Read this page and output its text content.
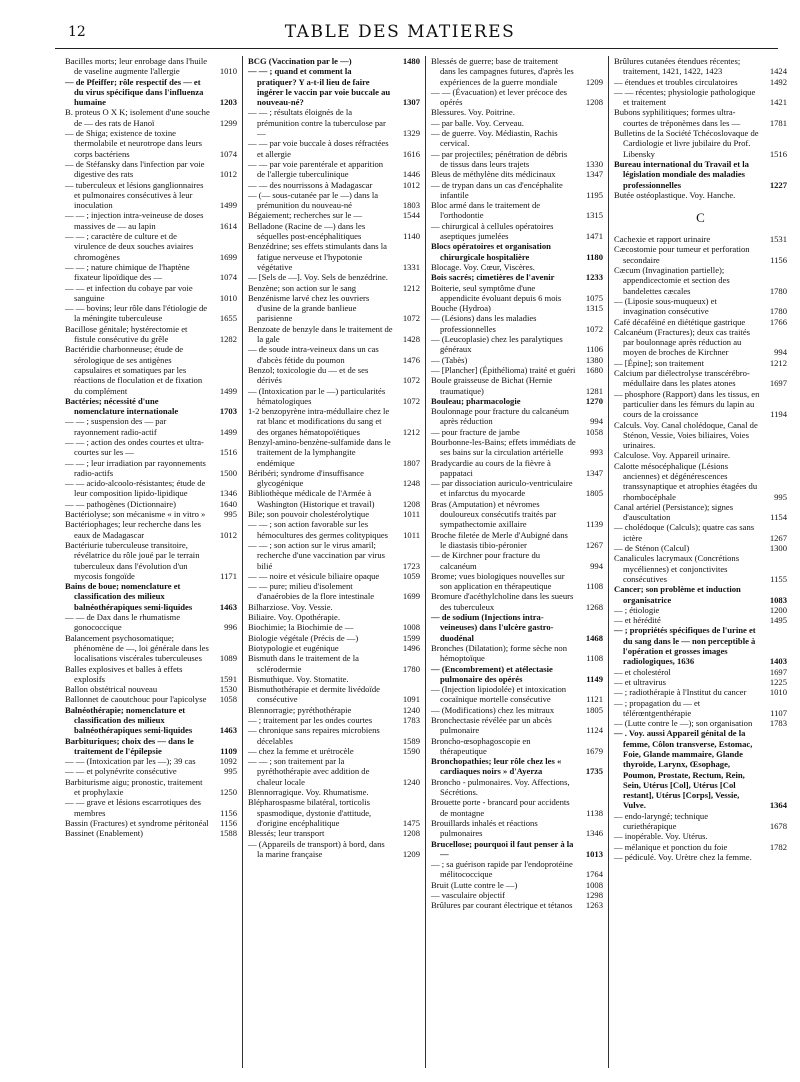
12	TABLE DES MATIERES
Bacilles morts; leur enrobage dans l'huile de vaseline augmente l'allergie	1010
— de Pfeiffer; rôle respectif des — et du virus spécifique dans l'influenza humaine	1203
B. proteus O X K; isolement d'une souche de — des rats de Hanoï	1299
— de Shiga; existence de toxine thermolabile et neurotrope dans leurs corps bactériens	1074
— de Stéfansky dans l'infection par voie digestive des rats	1012
— tuberculeux et lésions ganglionnaires et pulmonaires consécutives à leur inoculation	1499
— — ; injection intra-veineuse de doses massives de — au lapin	1614
— — ; caractère de culture et de virulence de deux souches aviaires chromogènes	1699
— — ; nature chimique de l'haptène fixateur lipoïdique des —	1074
— — et infection du cobaye par voie sanguine	1010
— — bovins; leur rôle dans l'étiologie de la méningite tuberculeuse	1655
Bacillose génitale; hystérectomie et fistule consécutive du grêle	1282
Bactéridie charbonneuse; étude de sérologique de ses antigènes capsulaires et somatiques par les réactions de floculation et de fixation du complément	1499
Bactéries; nécessité d'une nomenclature internationale	1703
— — ; suspension des — par rayonnement radio-actif	1499
— — ; action des ondes courtes et ultra-courtes sur les —	1516
— — ; leur irradiation par rayonnements radio-actifs	1500
— — acido-alcoolo-résistantes; étude de leur composition lipido-lipidique	1346
— — pathogènes (Dictionnaire)	1640
Bactériolyse; son mécanisme « in vitro » 995
Bactériophages; leur recherche dans les eaux de Madagascar	1012
Bactériurie tuberculeuse transitoire, révélatrice du rôle joué par le terrain tuberculeux dans l'évolution d'un mycosis fongoïde	1171
Bains de boue; nomenclature et classification des milieux balnéothérapiques semi-liquides	1463
— — de Dax dans le rhumatisme gonococcique	996
Balancement psychosomatique; phénomène de —, loi générale dans les localisations viscérales tuberculeuses 1089
Balles explosives et balles à effets explosifs	1591
Ballon obstétrical nouveau	1530
Ballonnet de caoutchouc pour l'apicolyse 1058
Balnéothérapie; nomenclature et classification des milieux balnéothérapiques semi-liquides	1463
Barbituriques; choix des — dans le traitement de l'épilepsie	1109
— — (Intoxication par les —); 39 cas	1092
— — et polynévrite consécutive	995
Barbiturisme aigu; pronostic, traitement et prophylaxie	1250
— — grave et lésions escarrotiques des membres	1156
Bassin (Fractures) et syndrome péritonéal 1156
Bassinet (Enablement)	1588
BCG (Vaccination par le —)	1480
— — ; quand et comment la pratiquer? Y a-t-il lieu de faire ingérer le vaccin par voie buccale au nouveau-né?	1307
— — ; résultats éloignés de la prémunition contre la tuberculose par —	1329
— — par voie buccale à doses réfractées et allergie	1616
— — par voie parentérale et apparition de l'allergie tuberculinique	1446
— — des nourrissons à Madagascar	1012
— (— sous-cutanée par le —) dans la prémunition du nouveau-né	1803
Bégaiement; recherches sur le —	1544
Belladone (Racine de —) dans les séquelles post-encéphalitiques	1140
Benzédrine; ses effets stimulants dans la fatigue nerveuse et l'hypotonie végétative	1331
— [Sels de —]. Voy. Sels de benzédrine.
Benzène; son action sur le sang	1212
Benzénisme larvé chez les ouvriers d'usine de la grande banlieue parisienne	1072
Benzoate de benzyle dans le traitement de la gale	1428
— de soude intra-veineux dans un cas d'abcès fétide du poumon	1476
Benzol; toxicologie du — et de ses dérivés	1072
— (Intoxication par le —) particularités hématologiques	1072
1-2 benzopyrène intra-médullaire chez le rat blanc et modifications du sang et des organes hématopoïétiques	1212
Benzyl-amino-benzène-sulfamide dans le traitement de la lymphangite endémique	1807
Béribéri; syndrome d'insuffisance glycogénique	1248
Bibliothèque médicale de l'Armée à Washington (Historique et travail)	1208
Bile; son pouvoir cholestérolytique	1011
— — ; son action favorable sur les hémocultures des germes colitypiques 1011
— — ; son action sur le virus amaril; recherche d'une vaccination par virus bilié	1723
— — noire et vésicule biliaire opaque	1059
— — pure; milieu d'isolement d'anaérobies de la flore intestinale	1699
Bilharziose. Voy. Vessie.
Biliaire. Voy. Opothérapie.
Biochimie; la Biochimie de —	1008
Biologie végétale (Précis de —)	1599
Biotypologie et eugénique	1496
Bismuth dans le traitement de la sclérodermie	1780
Bismuthique. Voy. Stomatite.
Bismuthothérapie et dermite livédoïde consécutive	1091
Blennorragie; pyréthothérapie	1240
— ; traitement par les ondes courtes	1783
— chronique sans repaires microbiens décelables	1589
— chez la femme et urétrocèle	1590
— — ; son traitement par la pyréthothérapie avec addition de chaleur locale	1240
Blennorragique. Voy. Rhumatisme.
Blépharospasme bilatéral, torticolis spasmodique, dystonie d'attitude, d'origine encéphalitique	1475
Blessés; leur transport	1208
— (Appareils de transport) à bord, dans la marine française	1209
Blessés de guerre; base de traitement dans les campagnes futures, d'après les expériences de la guerre mondiale	1209
— — (Évacuation) et lever précoce des opérés	1208
Blessures. Voy. Poitrine.
— par balle. Voy. Cerveau.
— de guerre. Voy. Médiastin, Rachis cervical.
— par projectiles; pénétration de débris de tissus dans leurs trajets	1330
Bleus de méthylène dits médicinaux	1347
— de trypan dans un cas d'encéphalite infantile	1195
Bloc armé dans le traitement de l'orthodontie	1315
— chirurgical à cellules opératoires aseptiques jumelées	1471
Blocs opératoires et organisation chirurgicale hospitalière	1180
Blocage. Voy. Cœur, Viscères.
Bois sacrés; cimetières de l'avenir	1233
Boiterie, seul symptôme d'une appendicite évoluant depuis 6 mois	1075
Bouche (Hydroa)	1315
— (Lésions) dans les maladies professionnelles	1072
— (Leucoplasie) chez les paralytiques généraux	1106
— (Tabès)	1380
— [Plancher] (Épithélioma) traité et guéri 1680
Boule graisseuse de Bichat (Hernie traumatique)	1281
Bouleau; pharmacologie	1270
Boulonnage pour fracture du calcanéum après réduction	994
— pour fracture de jambe	1058
Bourbonne-les-Bains; effets immédiats de ses bains sur la circulation artérielle	993
Bradycardie au cours de la fièvre à pappataci	1347
— par dissociation auriculo-ventriculaire et infarctus du myocarde	1805
Bras (Amputation) et névromes douloureux consécutifs traités par sympathectomie axillaire	1139
Broche filetée de Merle d'Aubigné dans le diastasis tibio-péronier	1267
— de Kirchner pour fracture du calcanéum	994
Brome; vues biologiques nouvelles sur son application en thérapeutique	1108
Bromure d'acéthylcholine dans les sueurs des tuberculeux	1268
— de sodium (Injections intra-veineuses) dans l'ulcère gastro-duodénal	1468
Bronches (Dilatation); forme sèche non hémoptoïque	1108
— (Encombrement) et atélectasie pulmonaire des opérés	1149
— (Injection lipiodolée) et intoxication cocaïnique mortelle consécutive	1121
— (Modifications) chez les mitraux	1805
Bronchectasie révélée par un abcès pulmonaire	1124
Broncho-œsophagoscopie en thérapeutique	1679
Bronchopathies; leur rôle chez les « cardiaques noirs » d'Ayerza	1735
Broncho - pulmonaires. Voy. Affections, Sécrétions.
Brouette porte - brancard pour accidents de montagne	1138
Brouillards inhalés et réactions pulmonaires	1346
Brucellose; pourquoi il faut penser à la —	1013
— ; sa guérison rapide par l'endoprotéine mélitococcique	1764
Bruit (Lutte contre le —)	1008
— vasculaire objectif	1298
Brûlures par courant électrique et tétanos 1263
Brûlures cutanées étendues récentes; traitement, 1421, 1422, 1423	1424
— étendues et troubles circulatoires	1492
— — récentes; physiologie pathologique et traitement	1421
Bubons syphilitiques; formes ultra-courtes de tréponèmes dans les —	1781
Bulletins de la Société Tchécoslovaque de Cardiologie et livre jubilaire du Prof. Libensky	1516
Bureau international du Travail et la législation mondiale des maladies professionnelles	1227
Butée ostéoplastique. Voy. Hanche.
C
Cachexie et rapport urinaire	1531
Cæcostomie pour tumeur et perforation secondaire	1156
Cæcum (Invagination partielle); appendicectomie et section des bandelettes cæcales	1780
— (Liposie sous-muqueux) et invagination consécutive	1780
Café décaféiné en diététique gastrique	1766
Calcanéum (Fractures); deux cas traités par boulonnage après réduction au moyen de broches de Kirchner	994
— [Épine]; son traitement	1212
Calcium par diélectrolyse transcérébro-médullaire dans les plates atones	1697
— phosphore (Rapport) dans les tissus, en particulier dans les fémurs du lapin au cours de la croissance	1194
Calculs. Voy. Canal cholédoque, Canal de Sténon, Vessie, Voies biliaires, Voies urinaires.
Calculose. Voy. Appareil urinaire.
Calotte mésocéphalique (Lésions anciennes) et dégénérescences transsynaptique et atrophies étagées du rhombocéphale	995
Canal artériel (Persistance); signes d'auscultation	1154
— cholédoque (Calculs); quatre cas sans ictère	1267
— de Sténon (Calcul)	1300
Canalicules lacrymaux (Concrétions mycéliennes) et conjonctivites consécutives	1155
Cancer; son problème et induction organisatrice	1083
— ; étiologie	1200
— et hérédité	1495
— ; propriétés spécifiques de l'urine et du sang dans le — non perceptible à l'opération et grosses images radiologiques, 1636	1403
— et cholestérol	1697
— et ultravirus	1225
— ; radiothérapie à l'Institut du cancer	1010
— ; propagation du — et télérœntgenthérapie	1107
— (Lutte contre le —); son organisation 1783
— . Voy. aussi Appareil génital de la femme, Côlon transverse, Estomac, Foie, Glande mammaire, Glande thyroïde, Larynx, Œsophage, Poumon, Prostate, Rectum, Rein, Sein, Utérus [Col], Utérus [Col restant], Utérus [Corps], Vessie, Vulve.	1364
— endo-laryngé; technique curiethérapique	1678
— inopérable. Voy. Utérus.
— mélanique et ponction du foie	1782
— pédiculé. Voy. Urètre chez la femme.
